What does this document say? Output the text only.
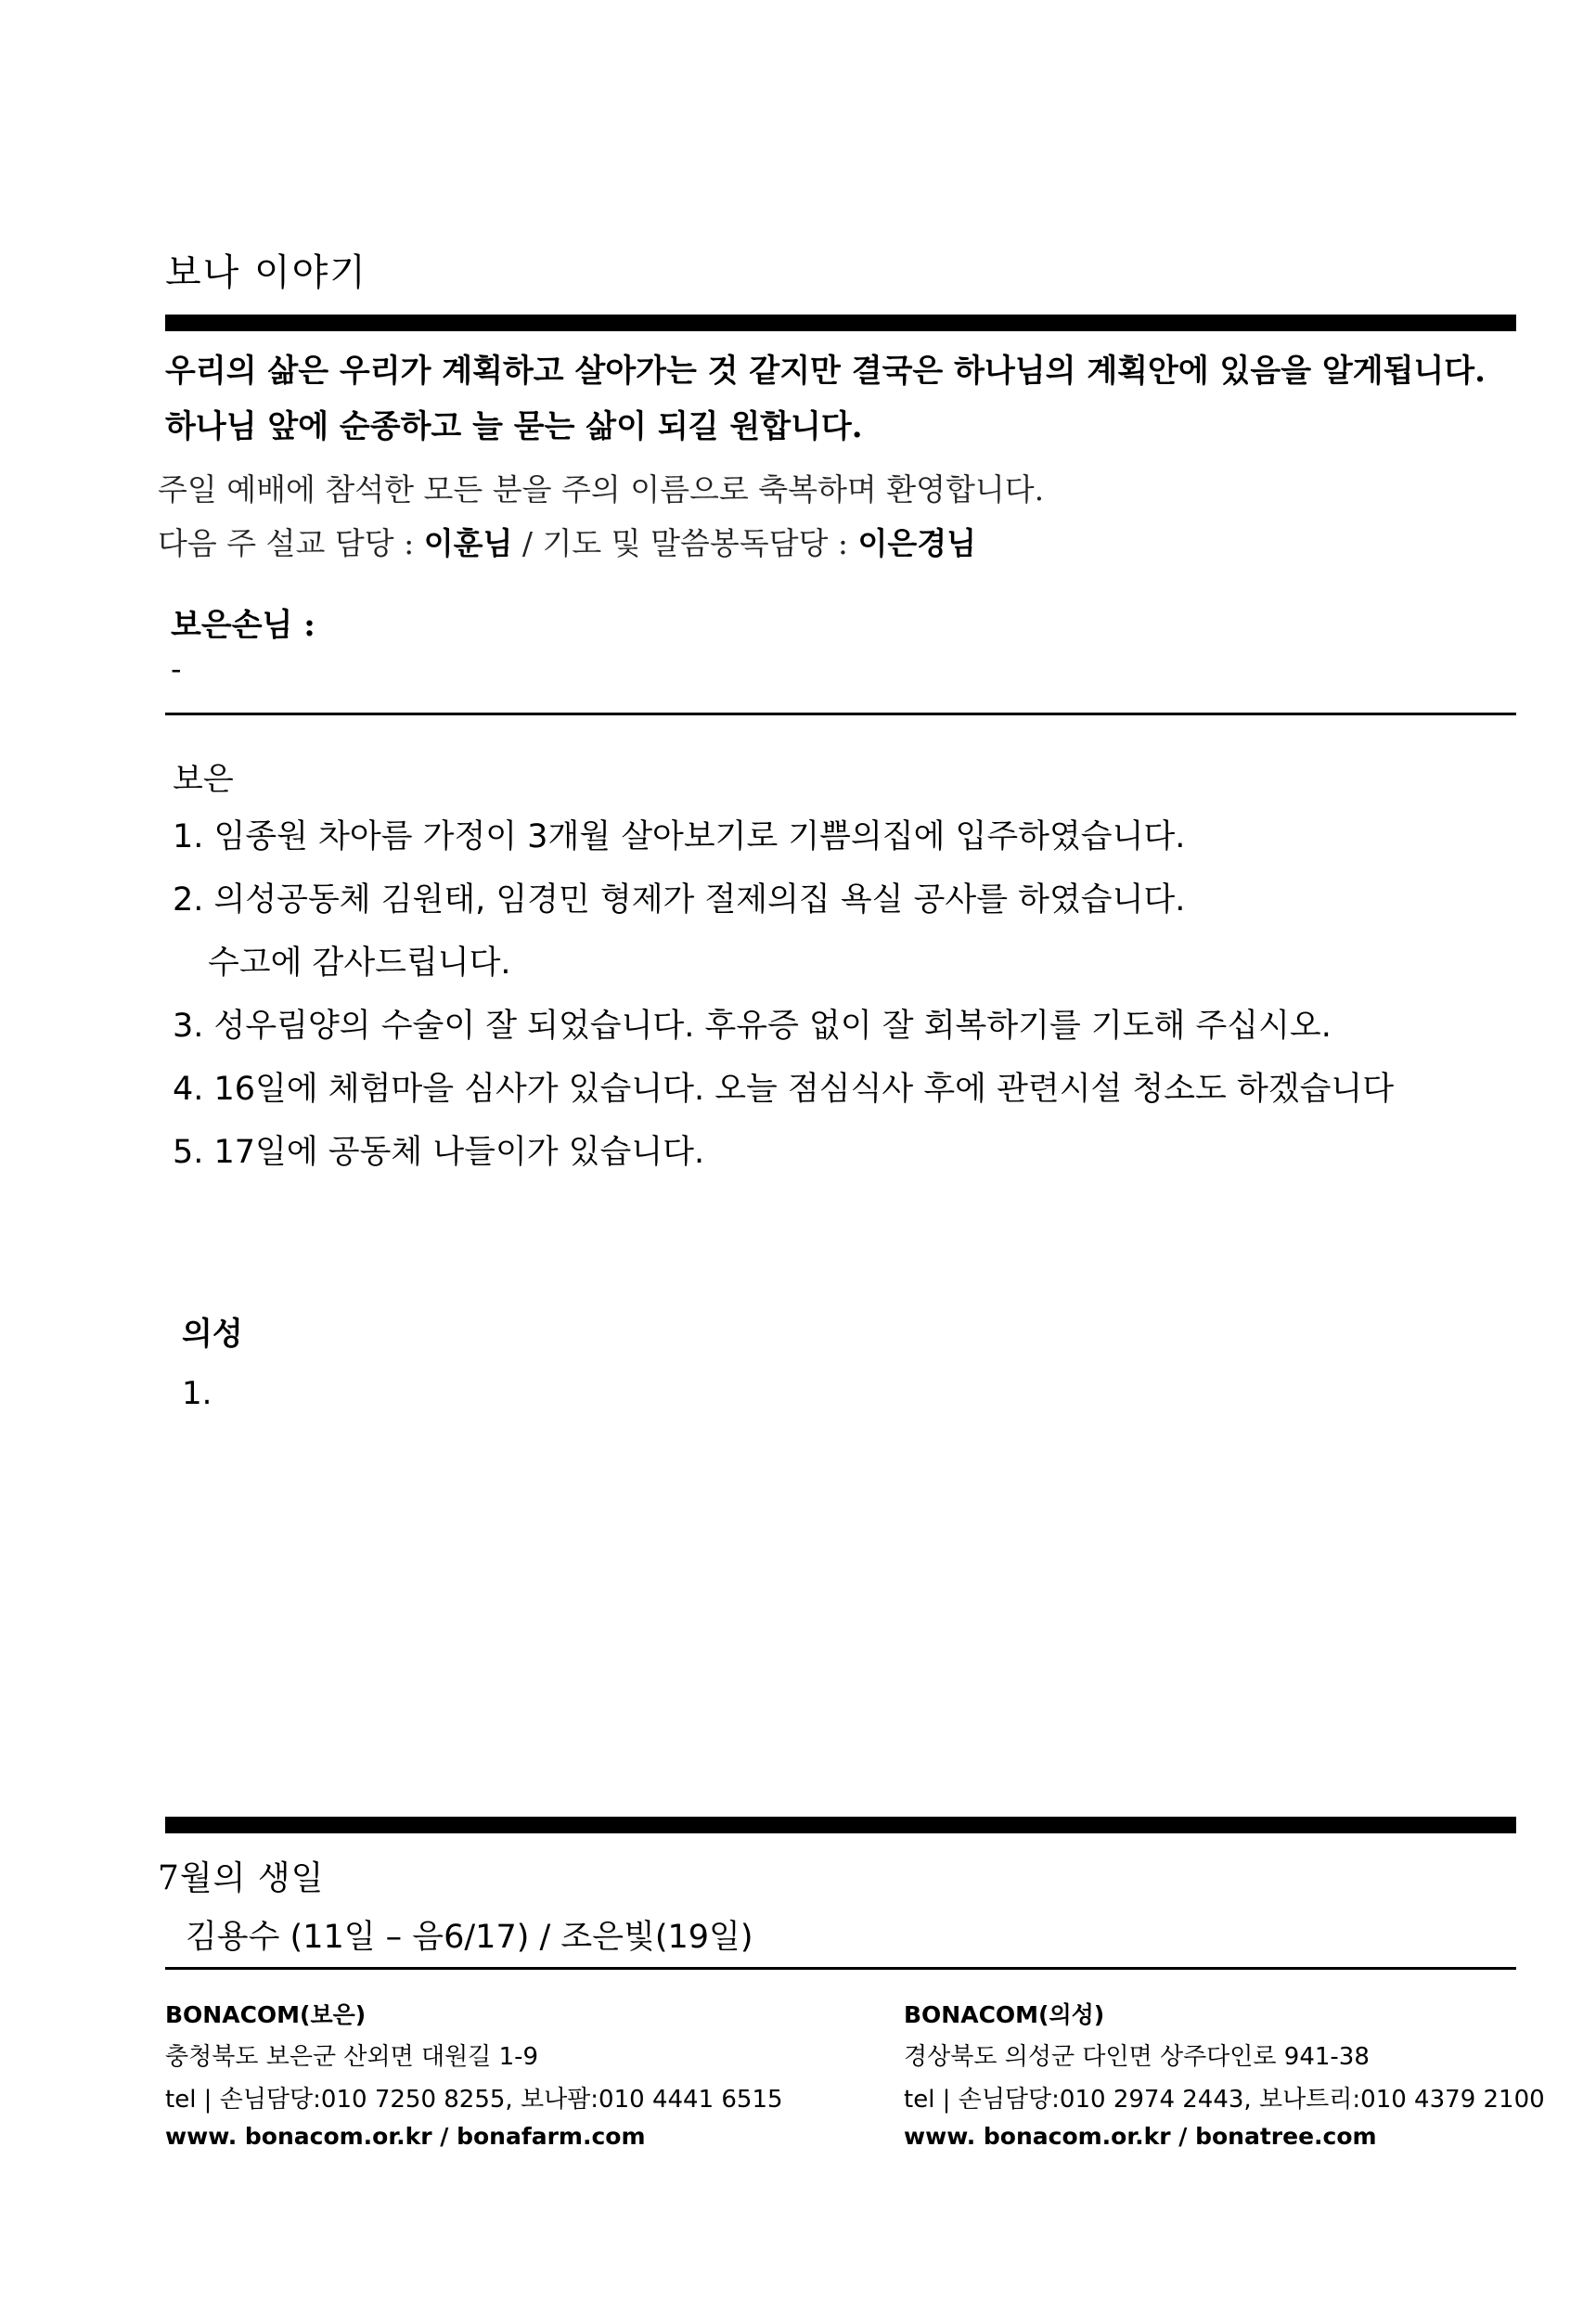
보나 이야기
우리의 삶은 우리가 계획하고 살아가는 것 같지만 결국은 하나님의 계획안에 있음을 알게됩니다.
하나님 앞에 순종하고 늘 묻는 삶이 되길 원합니다.
주일 예배에 참석한 모든 분을 주의 이름으로 축복하며 환영합니다.
다음 주 설교 담당 : 이훈님 / 기도 및 말씀봉독담당 : 이은경님
보은손님 :
-
보은
1. 임종원 차아름 가정이 3개월 살아보기로 기쁨의집에 입주하였습니다.
2. 의성공동체 김원태, 임경민 형제가 절제의집 욕실 공사를 하였습니다.
수고에 감사드립니다.
3. 성우림양의 수술이 잘 되었습니다. 후유증 없이 잘 회복하기를 기도해 주십시오.
4. 16일에 체험마을 심사가 있습니다. 오늘 점심식사 후에 관련시설 청소도 하겠습니다
5. 17일에 공동체 나들이가 있습니다.
의성
1.
7월의 생일
김용수 (11일 – 음6/17) / 조은빛(19일)
BONACOM(보은)
충청북도 보은군 산외면 대원길 1-9
tel | 손님담당:010 7250 8255, 보나팜:010 4441 6515
www. bonacom.or.kr / bonafarm.com
BONACOM(의성)
경상북도 의성군 다인면 상주다인로 941-38
tel | 손님담당:010 2974 2443, 보나트리:010 4379 2100
www. bonacom.or.kr / bonatree.com
